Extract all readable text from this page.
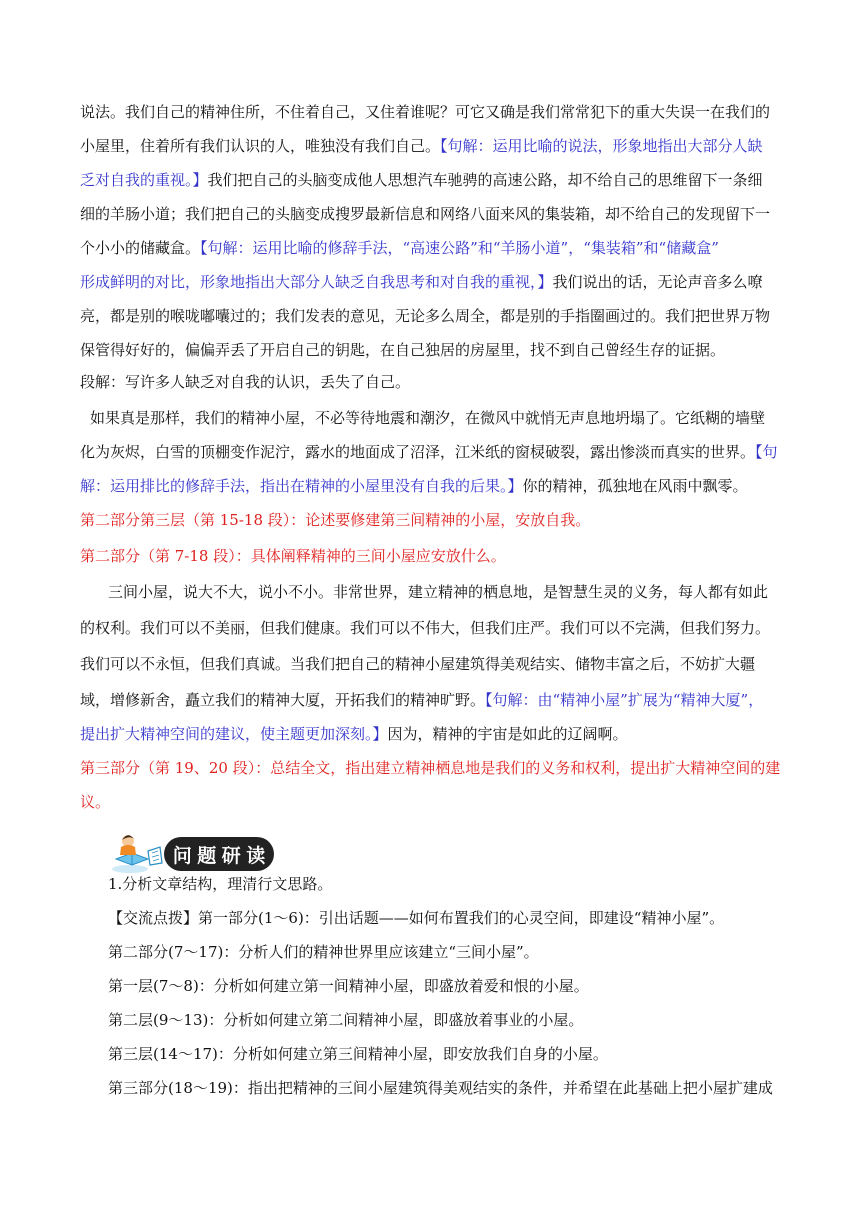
说法。我们自己的精神住所，不住着自己，又住着谁呢？可它又确是我们常常犯下的重大失误一在我们的
小屋里，住着所有我们认识的人，唯独没有我们自己。【句解：运用比喻的说法，形象地指出大部分人缺
乏对自我的重视。】我们把自己的头脑变成他人思想汽车驰骋的高速公路，却不给自己的思维留下一条细
细的羊肠小道；我们把自己的头脑变成搜罗最新信息和网络八面来风的集装箱，却不给自己的发现留下一
个小小的储藏盒。【句解：运用比喻的修辞手法，“高速公路”和“羊肠小道”，“集装箱”和“储藏盒”
形成鲜明的对比，形象地指出大部分人缺乏自我思考和对自我的重视，】我们说出的话，无论声音多么嘹
亮，都是别的喉咙嘟囔过的；我们发表的意见，无论多么周全，都是别的手指圈画过的。我们把世界万物
保管得好好的，偏偏弄丢了开启自己的钥匙，在自己独居的房屋里，找不到自己曾经生存的证据。
段解：写许多人缺乏对自我的认识，丢失了自己。
如果真是那样，我们的精神小屋，不必等待地震和潮汐，在微风中就悄无声息地坍塌了。它纸糊的墙壁
化为灰烬，白雪的顶棚变作泥泞，露水的地面成了沼泽，江米纸的窗棂破裂，露出惨淡而真实的世界。【句
解：运用排比的修辞手法，指出在精神的小屋里没有自我的后果。】你的精神，孤独地在风雨中飘零。
第二部分第三层（第 15-18 段）：论述要修建第三间精神的小屋，安放自我。
第二部分（第 7-18 段）：具体阐释精神的三间小屋应安放什么。
三间小屋，说大不大，说小不小。非常世界，建立精神的栖息地，是智慧生灵的义务，每人都有如此
的权利。我们可以不美丽，但我们健康。我们可以不伟大，但我们庄严。我们可以不完满，但我们努力。
我们可以不永恒，但我们真诚。当我们把自己的精神小屋建筑得美观结实、储物丰富之后，不妨扩大疆
域，增修新舍，矗立我们的精神大厦，开拓我们的精神旷野。【句解：由“精神小屋”扩展为“精神大厦”，
提出扩大精神空间的建议，使主题更加深刻。】因为，精神的宇宙是如此的辽阔啊。
第三部分（第 19、20 段）：总结全文，指出建立精神栖息地是我们的义务和权利，提出扩大精神空间的建
议。
1.分析文章结构，理清行文思路。
【交流点拨】第一部分(1～6)：引出话题——如何布置我们的心灵空间，即建设“精神小屋”。
第二部分(7～17)：分析人们的精神世界里应该建立“三间小屋”。
第一层(7～8)：分析如何建立第一间精神小屋，即盛放着爱和恨的小屋。
第二层(9～13)：分析如何建立第二间精神小屋，即盛放着事业的小屋。
第三层(14～17)：分析如何建立第三间精神小屋，即安放我们自身的小屋。
第三部分(18～19)：指出把精神的三间小屋建筑得美观结实的条件，并希望在此基础上把小屋扩建成
问 题 研 读
